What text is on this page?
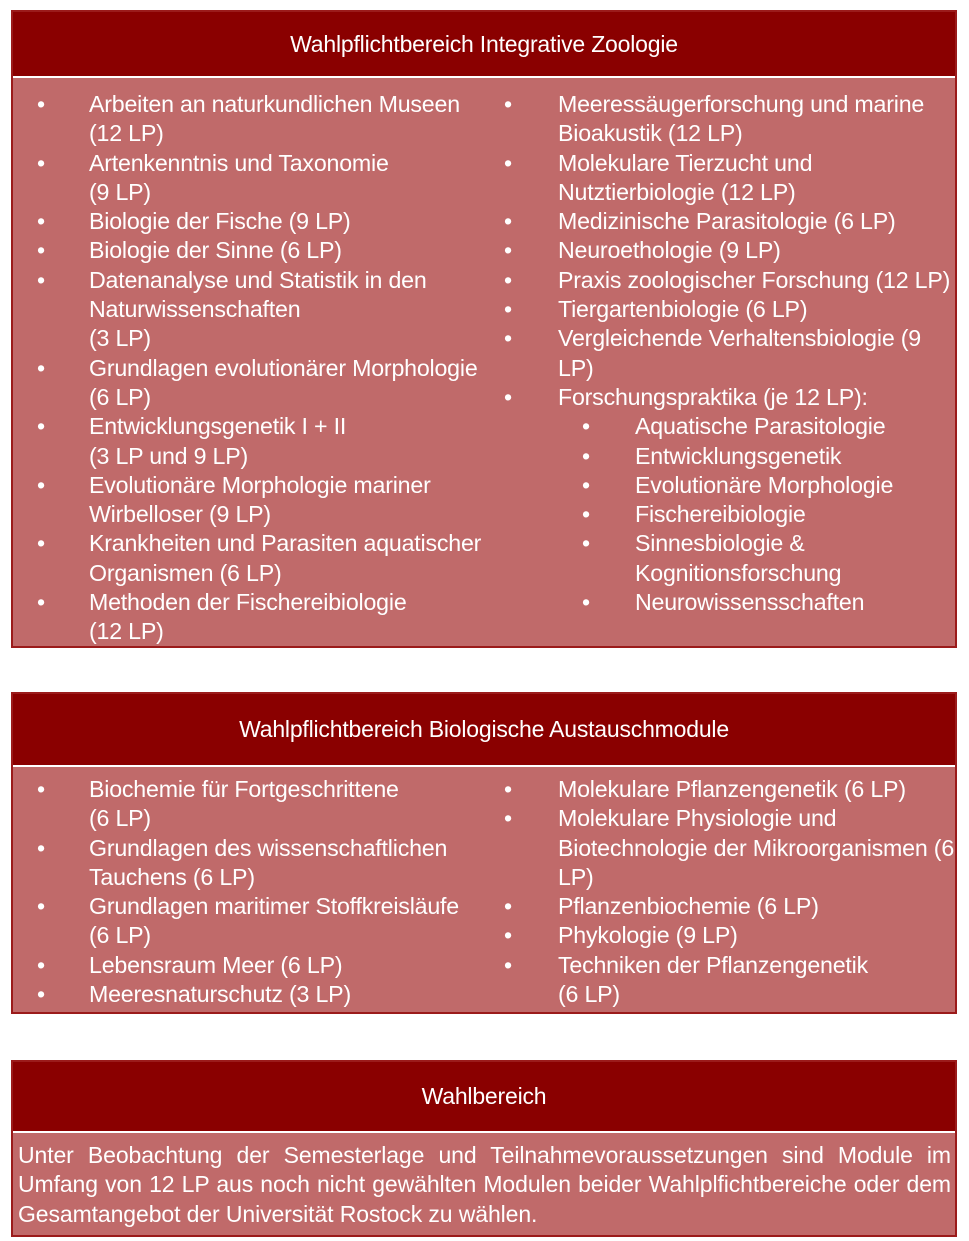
Wahlpflichtbereich Integrative Zoologie
• Arbeiten an naturkundlichen Museen (12 LP)
• Artenkenntnis und Taxonomie
(9 LP)
• Biologie der Fische (9 LP)
• Biologie der Sinne (6 LP)
• Datenanalyse und Statistik in den Naturwissenschaften
(3 LP)
• Grundlagen evolutionärer Morphologie (6 LP)
• Entwicklungsgenetik I + II
(3 LP und 9 LP)
• Evolutionäre Morphologie mariner Wirbelloser (9 LP)
• Krankheiten und Parasiten aquatischer Organismen (6 LP)
• Methoden der Fischereibiologie
(12 LP)
• Meeressäugerforschung und marine Bioakustik (12 LP)
• Molekulare Tierzucht und Nutztierbiologie (12 LP)
• Medizinische Parasitologie (6 LP)
• Neuroethologie (9 LP)
• Praxis zoologischer Forschung (12 LP)
• Tiergartenbiologie (6 LP)
• Vergleichende Verhaltensbiologie (9 LP)
• Forschungspraktika (je 12 LP):
• Aquatische Parasitologie
• Entwicklungsgenetik
• Evolutionäre Morphologie
• Fischereibiologie
• Sinnesbiologie & Kognitionsforschung
• Neurowissensschaften
Wahlpflichtbereich Biologische Austauschmodule
• Biochemie für Fortgeschrittene
(6 LP)
• Grundlagen des wissenschaftlichen Tauchens (6 LP)
• Grundlagen maritimer Stoffkreisläufe (6 LP)
• Lebensraum Meer (6 LP)
• Meeresnaturschutz (3 LP)
• Molekulare Pflanzengenetik (6 LP)
• Molekulare Physiologie und Biotechnologie der Mikroorganismen (6 LP)
• Pflanzenbiochemie (6 LP)
• Phykologie (9 LP)
• Techniken der Pflanzengenetik
(6 LP)
Wahlbereich
Unter Beobachtung der Semesterlage und Teilnahmevoraussetzungen sind Module im Umfang von 12 LP aus noch nicht gewählten Modulen beider Wahlplfichtbereiche oder dem Gesamtangebot der Universität Rostock zu wählen.
